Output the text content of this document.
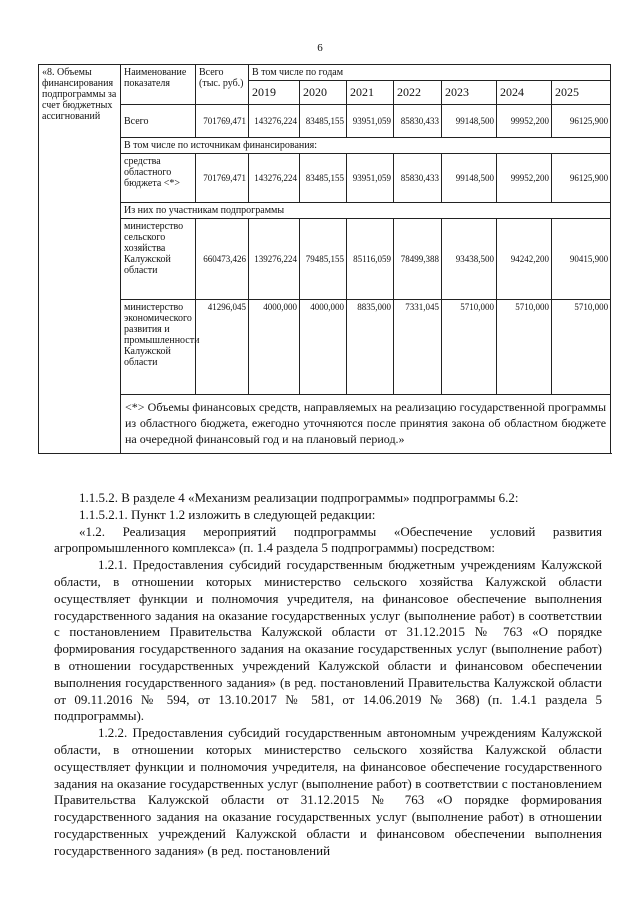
6
«8. Объемы финансирования подпрограммы за счет бюджетных ассигнований	Наименование показателя	Всего (тыс. руб.)	В том числе по годам						
			2019	2020	2021	2022	2023	2024	2025
	Всего	701769,471	143276,224	83485,155	93951,059	85830,433	99148,500	99952,200	96125,900
	В том числе по источникам финансирования:								
	средства областного бюджета <*>	701769,471	143276,224	83485,155	93951,059	85830,433	99148,500	99952,200	96125,900
	Из них по участникам подпрограммы								
	министерство сельского хозяйства Калужской области	660473,426	139276,224	79485,155	85116,059	78499,388	93438,500	94242,200	90415,900
	министерство экономического развития и промышленности Калужской области	41296,045	4000,000	4000,000	8835,000	7331,045	5710,000	5710,000	5710,000
	<*> Объемы финансовых средств, направляемых на реализацию государственной программы из областного бюджета, ежегодно уточняются после принятия закона об областном бюджете на очередной финансовый год и на плановый период.»								

1.1.5.2. В разделе 4 «Механизм реализации подпрограммы» подпрограммы 6.2:

1.1.5.2.1. Пункт 1.2 изложить в следующей редакции:

«1.2. Реализация мероприятий подпрограммы «Обеспечение условий развития агропромышленного комплекса» (п. 1.4 раздела 5 подпрограммы) посредством:

1.2.1. Предоставления субсидий государственным бюджетным учреждениям Калужской области, в отношении которых министерство сельского хозяйства Калужской области осуществляет функции и полномочия учредителя, на финансовое обеспечение выполнения государственного задания на оказание государственных услуг (выполнение работ) в соответствии с постановлением Правительства Калужской области от 31.12.2015 № 763 «О порядке формирования государственного задания на оказание государственных услуг (выполнение работ) в отношении государственных учреждений Калужской области и финансовом обеспечении выполнения государственного задания» (в ред. постановлений Правительства Калужской области от 09.11.2016 № 594, от 13.10.2017 № 581, от 14.06.2019 № 368) (п. 1.4.1 раздела 5 подпрограммы).

1.2.2. Предоставления субсидий государственным автономным учреждениям Калужской области, в отношении которых министерство сельского хозяйства Калужской области осуществляет функции и полномочия учредителя, на финансовое обеспечение государственного задания на оказание государственных услуг (выполнение работ) в соответствии с постановлением Правительства Калужской области от 31.12.2015 № 763 «О порядке формирования государственного задания на оказание государственных услуг (выполнение работ) в отношении государственных учреждений Калужской области и финансовом обеспечении выполнения государственного задания» (в ред. постановлений
